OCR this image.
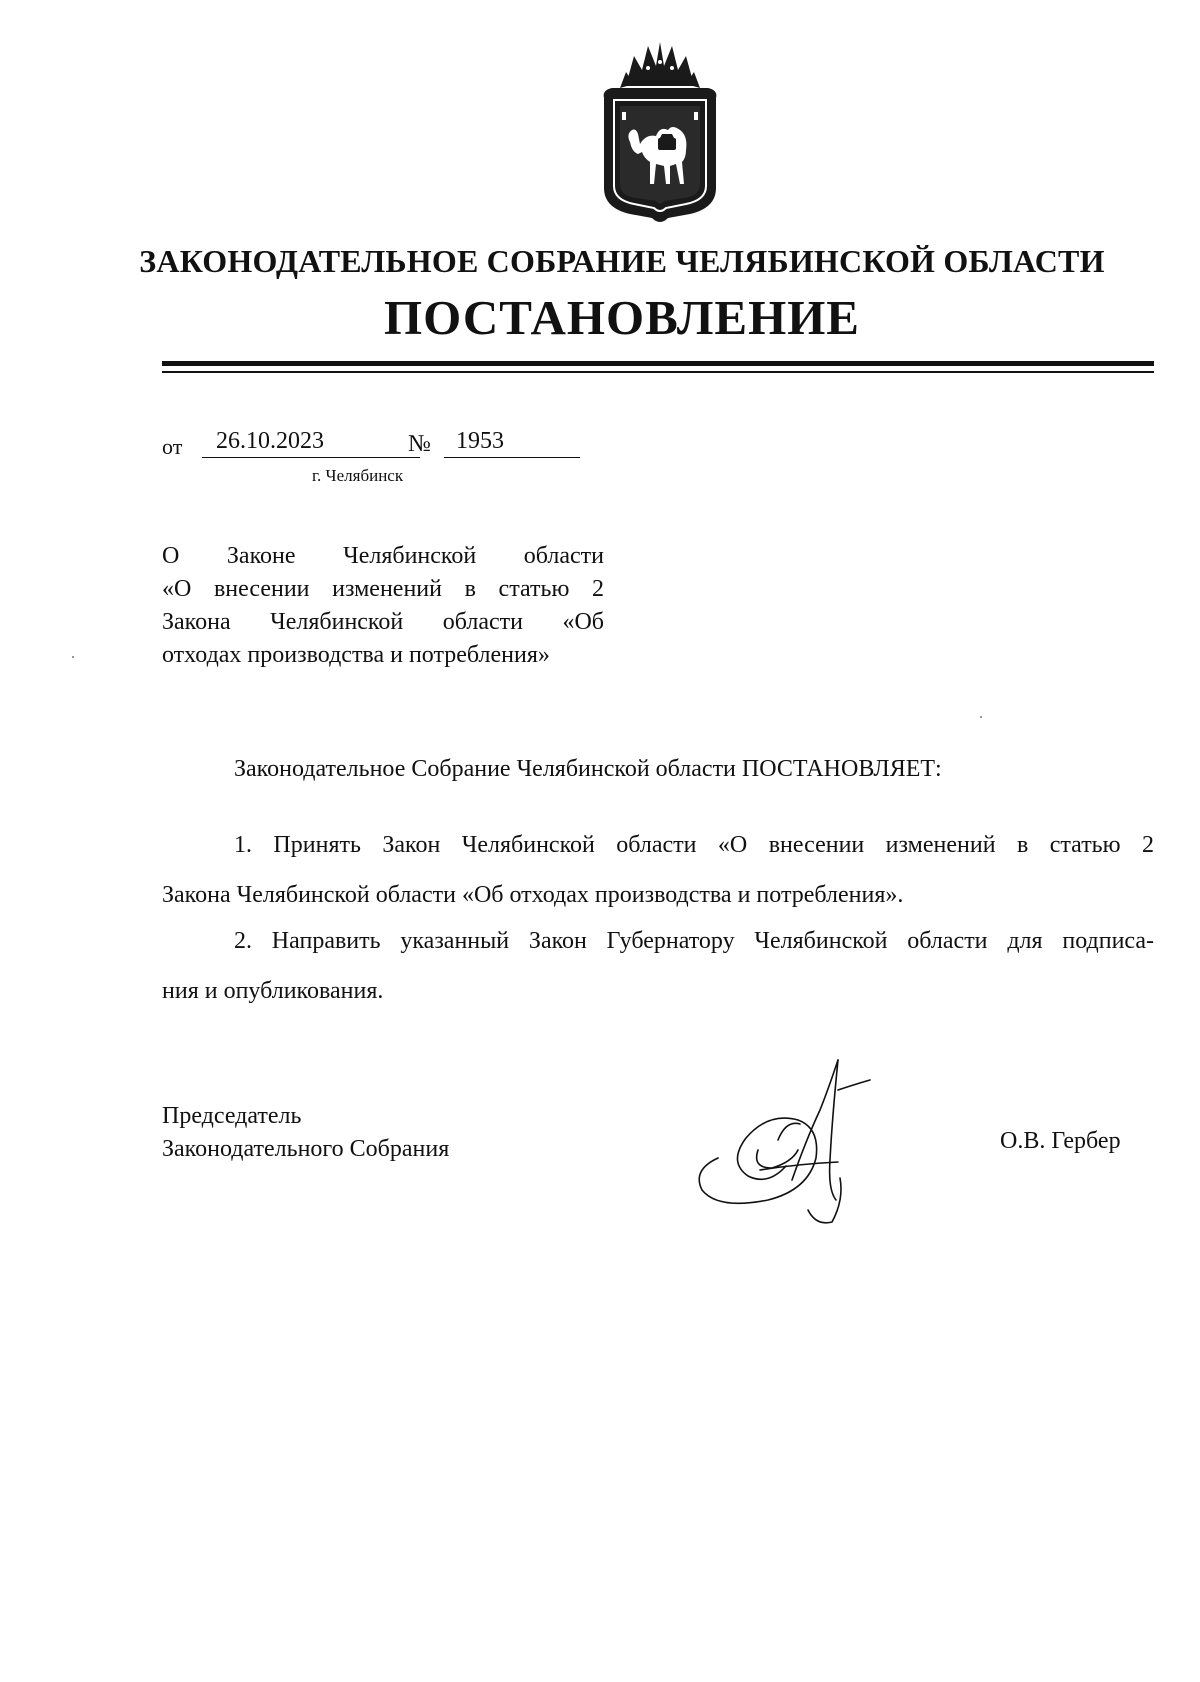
ЗАКОНОДАТЕЛЬНОЕ СОБРАНИЕ ЧЕЛЯБИНСКОЙ ОБЛАСТИ
ПОСТАНОВЛЕНИЕ
от	26.10.2023	№	1953
г. Челябинск
О Законе Челябинской области
«О внесении изменений в статью 2
Закона Челябинской области «Об
отходах производства и потребления»
Законодательное Собрание Челябинской области ПОСТАНОВЛЯЕТ:
1. Принять Закон Челябинской области «О внесении изменений в статью 2
Закона Челябинской области «Об отходах производства и потребления».
2. Направить указанный Закон Губернатору Челябинской области для подписа-
ния и опубликования.
Председатель
Законодательного Собрания	О.В. Гербер
